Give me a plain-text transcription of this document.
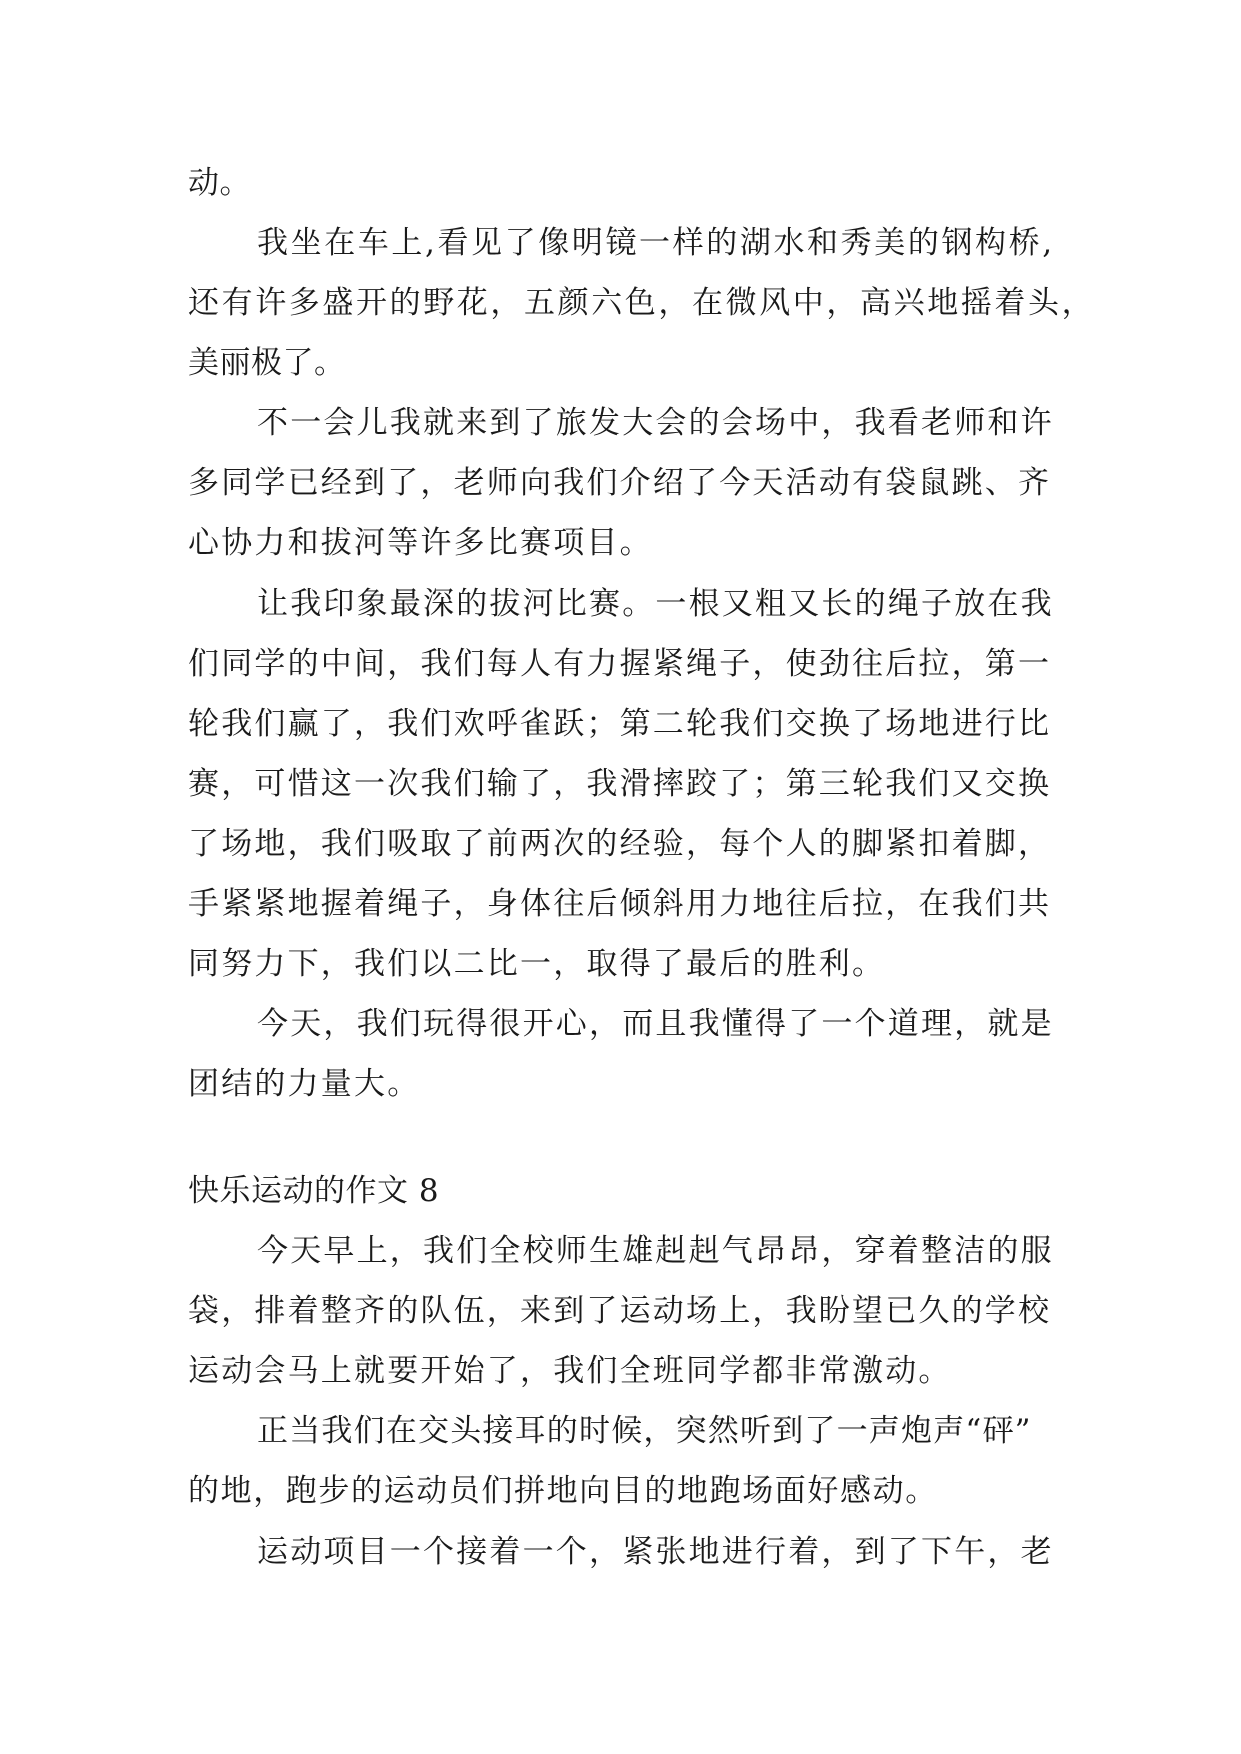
动。
我坐在车上,看见了像明镜一样的湖水和秀美的钢构桥,
还有许多盛开的野花，五颜六色，在微风中，高兴地摇着头，
美丽极了。
不一会儿我就来到了旅发大会的会场中，我看老师和许
多同学已经到了，老师向我们介绍了今天活动有袋鼠跳、齐
心协力和拔河等许多比赛项目。
让我印象最深的拔河比赛。一根又粗又长的绳子放在我
们同学的中间，我们每人有力握紧绳子，使劲往后拉，第一
轮我们赢了，我们欢呼雀跃；第二轮我们交换了场地进行比
赛，可惜这一次我们输了，我滑摔跤了；第三轮我们又交换
了场地，我们吸取了前两次的经验，每个人的脚紧扣着脚，
手紧紧地握着绳子，身体往后倾斜用力地往后拉，在我们共
同努力下，我们以二比一，取得了最后的胜利。
今天，我们玩得很开心，而且我懂得了一个道理，就是
团结的力量大。
快乐运动的作文 8
今天早上，我们全校师生雄赳赳气昂昂，穿着整洁的服
袋，排着整齐的队伍，来到了运动场上，我盼望已久的学校
运动会马上就要开始了，我们全班同学都非常激动。
正当我们在交头接耳的时候，突然听到了一声炮声“砰”
的地，跑步的运动员们拼地向目的地跑场面好感动。
运动项目一个接着一个，紧张地进行着，到了下午，老
